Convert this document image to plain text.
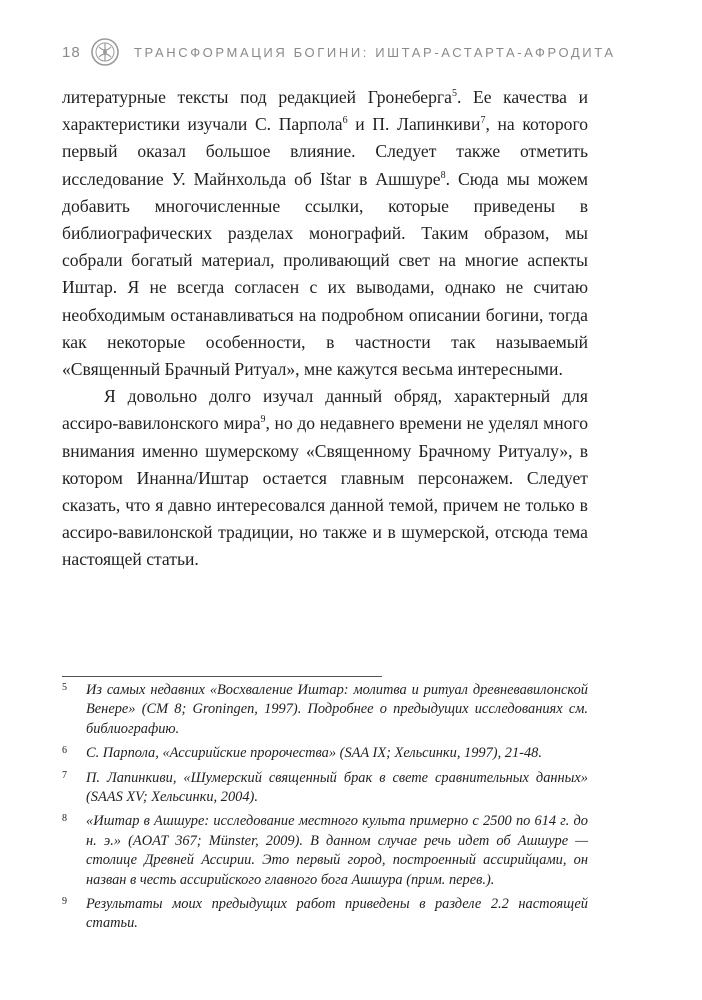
18	ТРАНСФОРМАЦИЯ БОГИНИ: ИШТАР-АСТАРТА-АФРОДИТА

литературные тексты под редакцией Гронеберга$^5$. Ее качества и характеристики изучали С. Парпола$^6$ и П. Лапинкиви$^7$, на которого первый оказал большое влияние. Следует также отметить исследование У. Майнхольда об Ištar в Ашшуре$^8$. Сюда мы можем добавить многочисленные ссылки, которые приведены в библиографических разделах монографий. Таким образом, мы собрали богатый материал, проливающий свет на многие аспекты Иштар. Я не всегда согласен с их выводами, однако не считаю необходимым останавливаться на подробном описании богини, тогда как некоторые особенности, в частности так называемый «Священный Брачный Ритуал», мне кажутся весьма интересными.

Я довольно долго изучал данный обряд, характерный для ассиро-вавилонского мира$^9$, но до недавнего времени не уделял много внимания именно шумерскому «Священному Брачному Ритуалу», в котором Инанна/Иштар остается главным персонажем. Следует сказать, что я давно интересовался данной темой, причем не только в ассиро-вавилонской традиции, но также и в шумерской, отсюда тема настоящей статьи.

5	Из самых недавних «Восхваление Иштар: молитва и ритуал древневавилонской Венере» (CM 8; Groningen, 1997). Подробнее о предыдущих исследованиях см. библиографию.
6	С. Парпола, «Ассирийские пророчества» (SAA IX; Хельсинки, 1997), 21-48.
7	П. Лапинкиви, «Шумерский священный брак в свете сравнительных данных» (SAAS XV; Хельсинки, 2004).
8	«Иштар в Ашшуре: исследование местного культа примерно с 2500 по 614 г. до н. э.» (AOAT 367; Münster, 2009). В данном случае речь идет об Ашшуре — столице Древней Ассирии. Это первый город, построенный ассирийцами, он назван в честь ассирийского главного бога Ашшура (прим. перев.).
9	Результаты моих предыдущих работ приведены в разделе 2.2 настоящей статьи.
